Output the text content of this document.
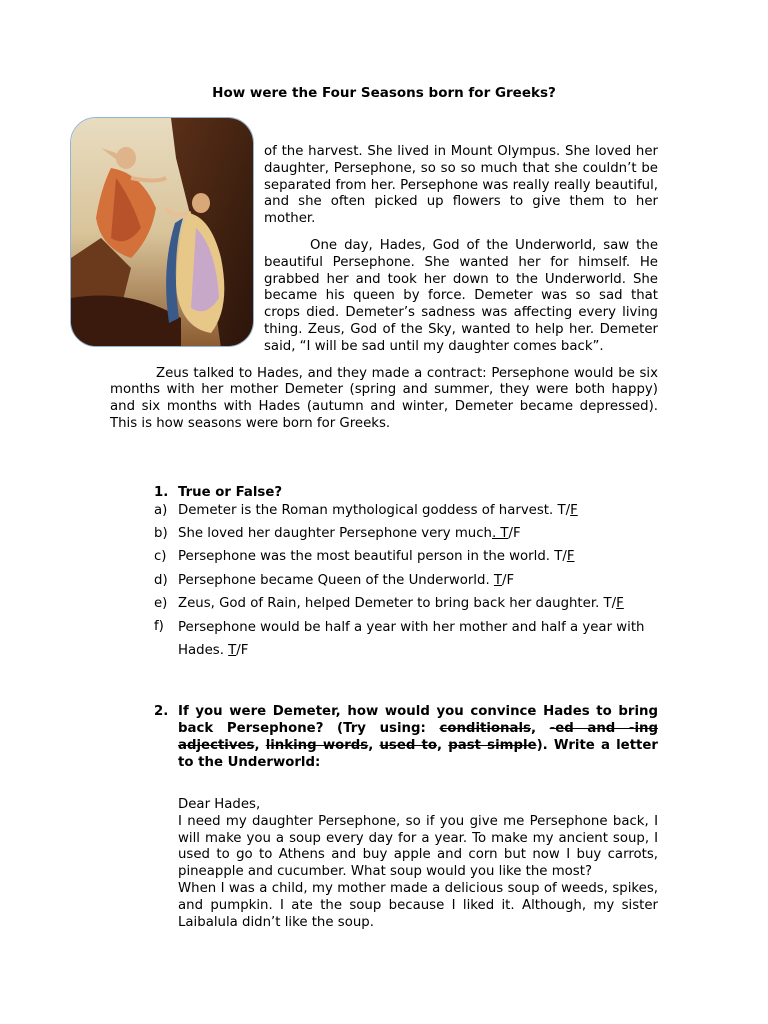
How were the Four Seasons born for Greeks?

of the harvest. She lived in Mount Olympus. She loved her daughter, Persephone, so so so much that she couldn’t be separated from her. Persephone was really really beautiful, and she often picked up flowers to give them to her mother.

One day, Hades, God of the Underworld, saw the beautiful Persephone. She wanted her for himself. He grabbed her and took her down to the Underworld. She became his queen by force. Demeter was so sad that crops died. Demeter’s sadness was affecting every living thing. Zeus, God of the Sky, wanted to help her. Demeter said, “I will be sad until my daughter comes back”.

Zeus talked to Hades, and they made a contract: Persephone would be six months with her mother Demeter (spring and summer, they were both happy) and six months with Hades (autumn and winter, Demeter became depressed). This is how seasons were born for Greeks.

1. True or False?
a) Demeter is the Roman mythological goddess of harvest. T/F
b) She loved her daughter Persephone very much. T/F
c) Persephone was the most beautiful person in the world. T/F
d) Persephone became Queen of the Underworld. T/F
e) Zeus, God of Rain, helped Demeter to bring back her daughter. T/F
f)	Persephone would be half a year with her mother and half a year with Hades. T/F
2. If you were Demeter, how would you convince Hades to bring back Persephone? (Try using: conditionals, -ed and -ing adjectives, linking words, used to, past simple). Write a letter to the Underworld:

Dear Hades,

I need my daughter Persephone, so if you give me Persephone back, I will make you a soup every day for a year. To make my ancient soup, I used to go to Athens and buy apple and corn but now I buy carrots, pineapple and cucumber. What soup would you like the most?

When I was a child, my mother made a delicious soup of weeds, spikes, and pumpkin. I ate the soup because I liked it. Although, my sister Laibalula didn’t like the soup.
